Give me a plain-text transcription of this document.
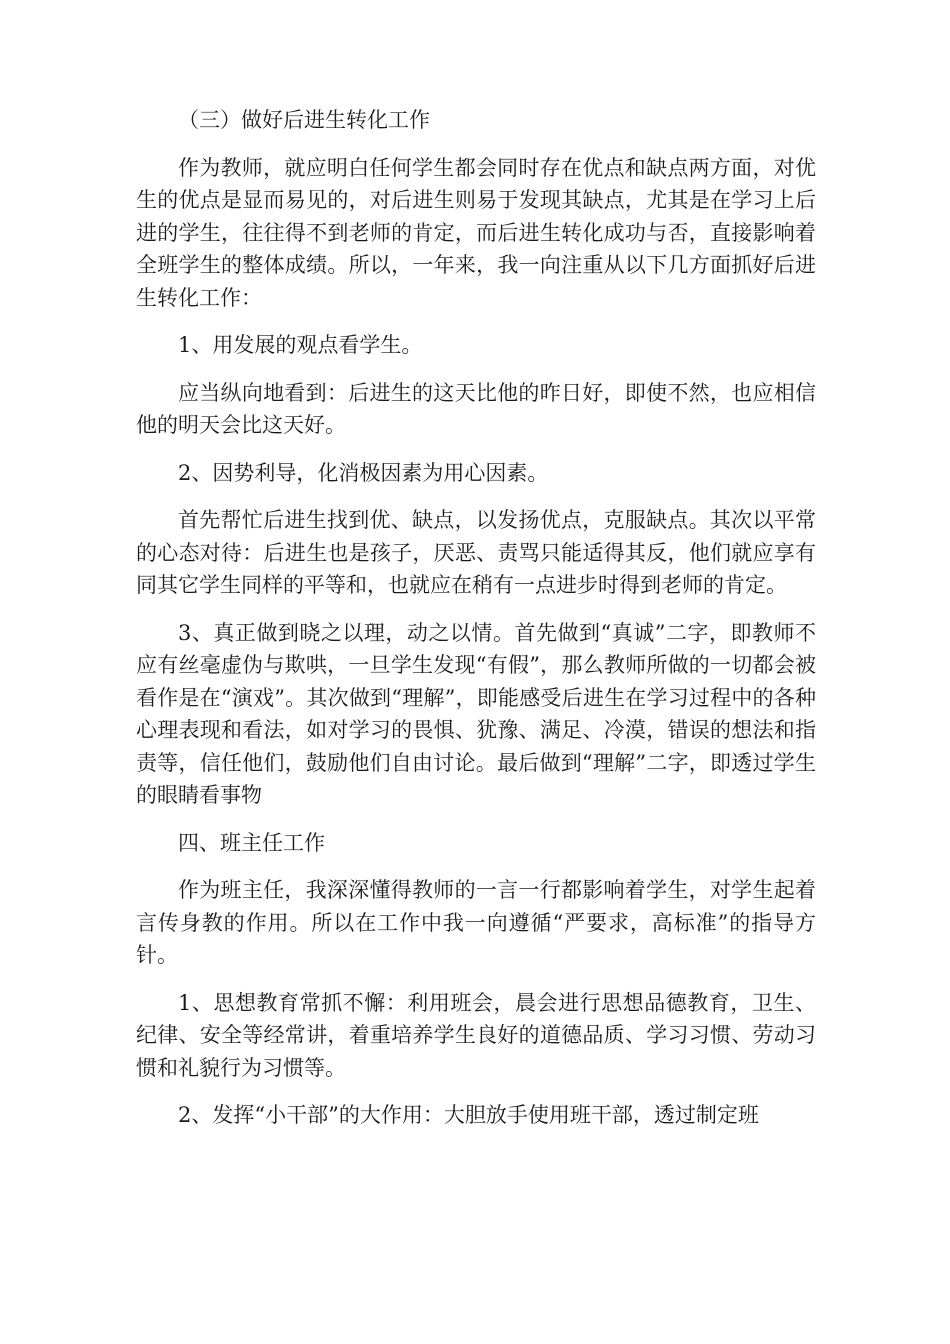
（三）做好后进生转化工作

作为教师，就应明白任何学生都会同时存在优点和缺点两方面，对优生的优点是显而易见的，对后进生则易于发现其缺点，尤其是在学习上后进的学生，往往得不到老师的肯定，而后进生转化成功与否，直接影响着全班学生的整体成绩。所以，一年来，我一向注重从以下几方面抓好后进生转化工作：

1、用发展的观点看学生。

应当纵向地看到：后进生的这天比他的昨日好，即使不然，也应相信他的明天会比这天好。

2、因势利导，化消极因素为用心因素。

首先帮忙后进生找到优、缺点，以发扬优点，克服缺点。其次以平常的心态对待：后进生也是孩子，厌恶、责骂只能适得其反，他们就应享有同其它学生同样的平等和，也就应在稍有一点进步时得到老师的肯定。

3、真正做到晓之以理，动之以情。首先做到“真诚”二字，即教师不应有丝毫虚伪与欺哄，一旦学生发现“有假”，那么教师所做的一切都会被看作是在“演戏”。其次做到“理解”，即能感受后进生在学习过程中的各种心理表现和看法，如对学习的畏惧、犹豫、满足、冷漠，错误的想法和指责等，信任他们，鼓励他们自由讨论。最后做到“理解”二字，即透过学生的眼睛看事物

四、班主任工作

作为班主任，我深深懂得教师的一言一行都影响着学生，对学生起着言传身教的作用。所以在工作中我一向遵循“严要求，高标准”的指导方针。

1、思想教育常抓不懈：利用班会，晨会进行思想品德教育，卫生、纪律、安全等经常讲，着重培养学生良好的道德品质、学习习惯、劳动习惯和礼貌行为习惯等。

2、发挥“小干部”的大作用：大胆放手使用班干部，透过制定班
